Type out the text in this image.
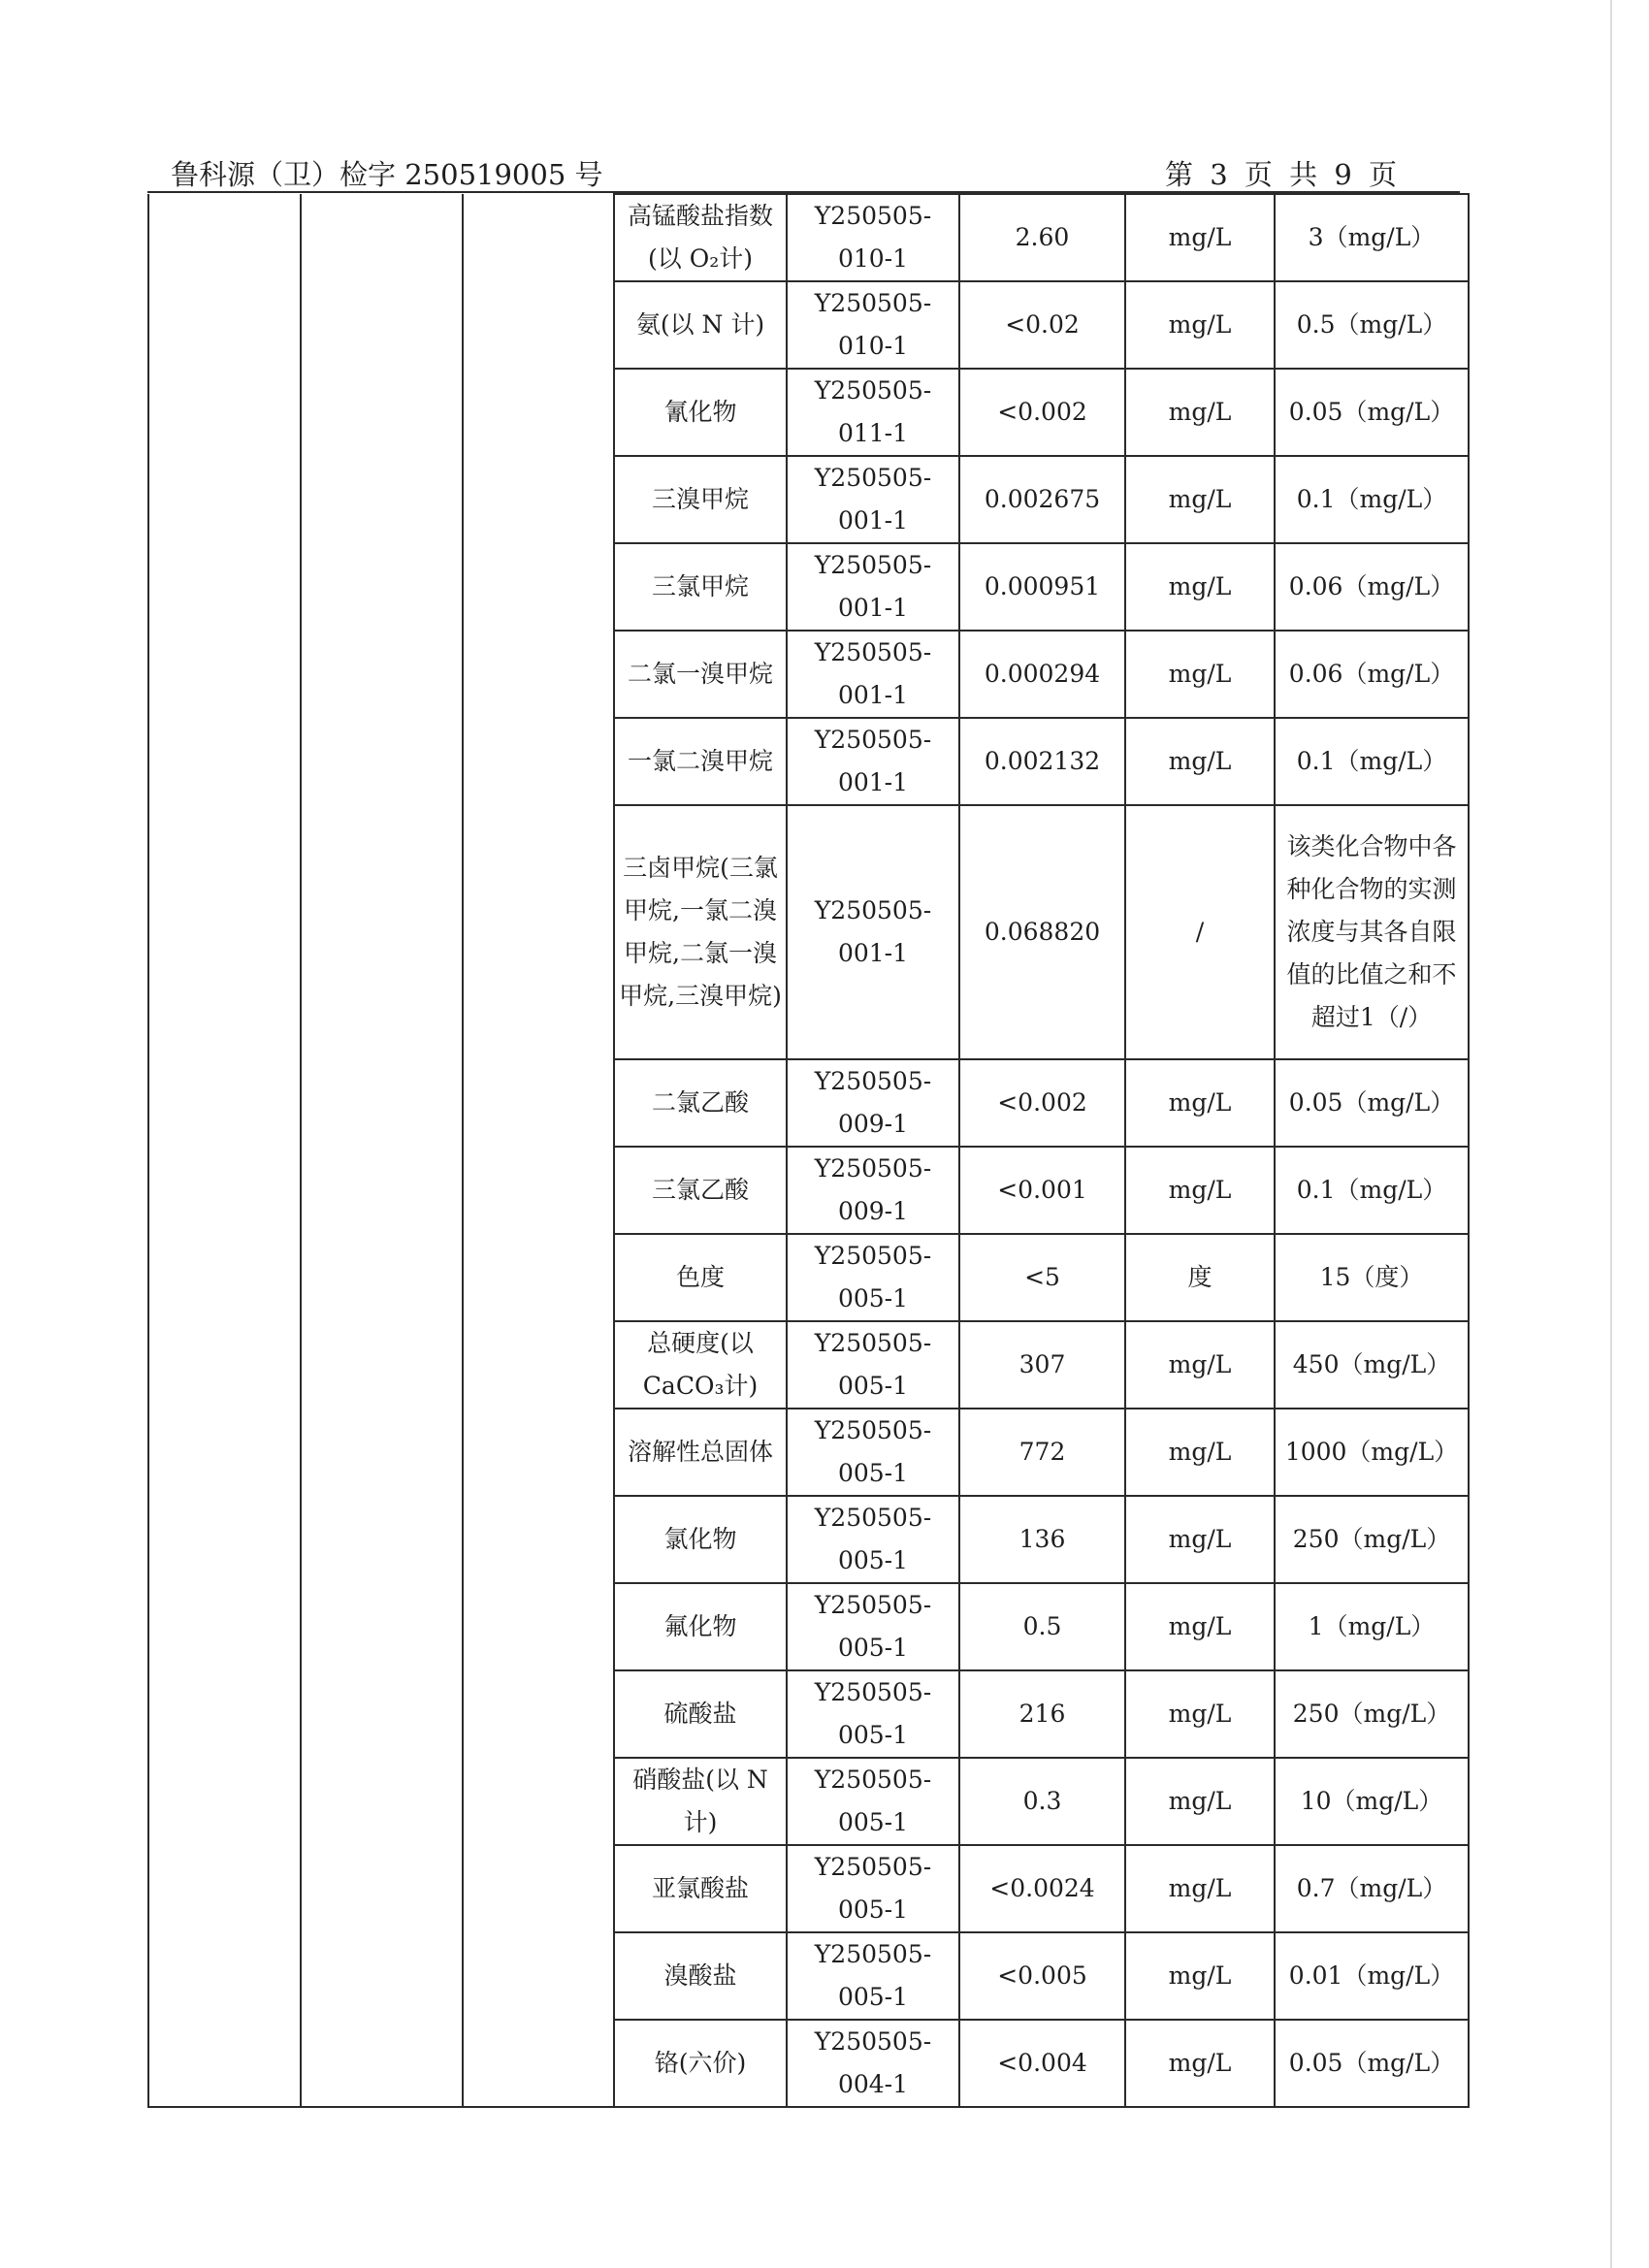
鲁科源（卫）检字 250519005 号	第 3 页 共 9 页
			高锰酸盐指数(以 O₂计)	Y250505-010-1	2.60	mg/L	3（mg/L）
			氨(以 N 计)	Y250505-010-1	<0.02	mg/L	0.5（mg/L）
			氰化物	Y250505-011-1	<0.002	mg/L	0.05（mg/L）
			三溴甲烷	Y250505-001-1	0.002675	mg/L	0.1（mg/L）
			三氯甲烷	Y250505-001-1	0.000951	mg/L	0.06（mg/L）
			二氯一溴甲烷	Y250505-001-1	0.000294	mg/L	0.06（mg/L）
			一氯二溴甲烷	Y250505-001-1	0.002132	mg/L	0.1（mg/L）
			三卤甲烷(三氯甲烷,一氯二溴甲烷,二氯一溴甲烷,三溴甲烷)	Y250505-001-1	0.068820	/	该类化合物中各种化合物的实测浓度与其各自限值的比值之和不超过1（/）
			二氯乙酸	Y250505-009-1	<0.002	mg/L	0.05（mg/L）
			三氯乙酸	Y250505-009-1	<0.001	mg/L	0.1（mg/L）
			色度	Y250505-005-1	<5	度	15（度）
			总硬度(以 CaCO₃计)	Y250505-005-1	307	mg/L	450（mg/L）
			溶解性总固体	Y250505-005-1	772	mg/L	1000（mg/L）
			氯化物	Y250505-005-1	136	mg/L	250（mg/L）
			氟化物	Y250505-005-1	0.5	mg/L	1（mg/L）
			硫酸盐	Y250505-005-1	216	mg/L	250（mg/L）
			硝酸盐(以 N 计)	Y250505-005-1	0.3	mg/L	10（mg/L）
			亚氯酸盐	Y250505-005-1	<0.0024	mg/L	0.7（mg/L）
			溴酸盐	Y250505-005-1	<0.005	mg/L	0.01（mg/L）
			铬(六价)	Y250505-004-1	<0.004	mg/L	0.05（mg/L）
